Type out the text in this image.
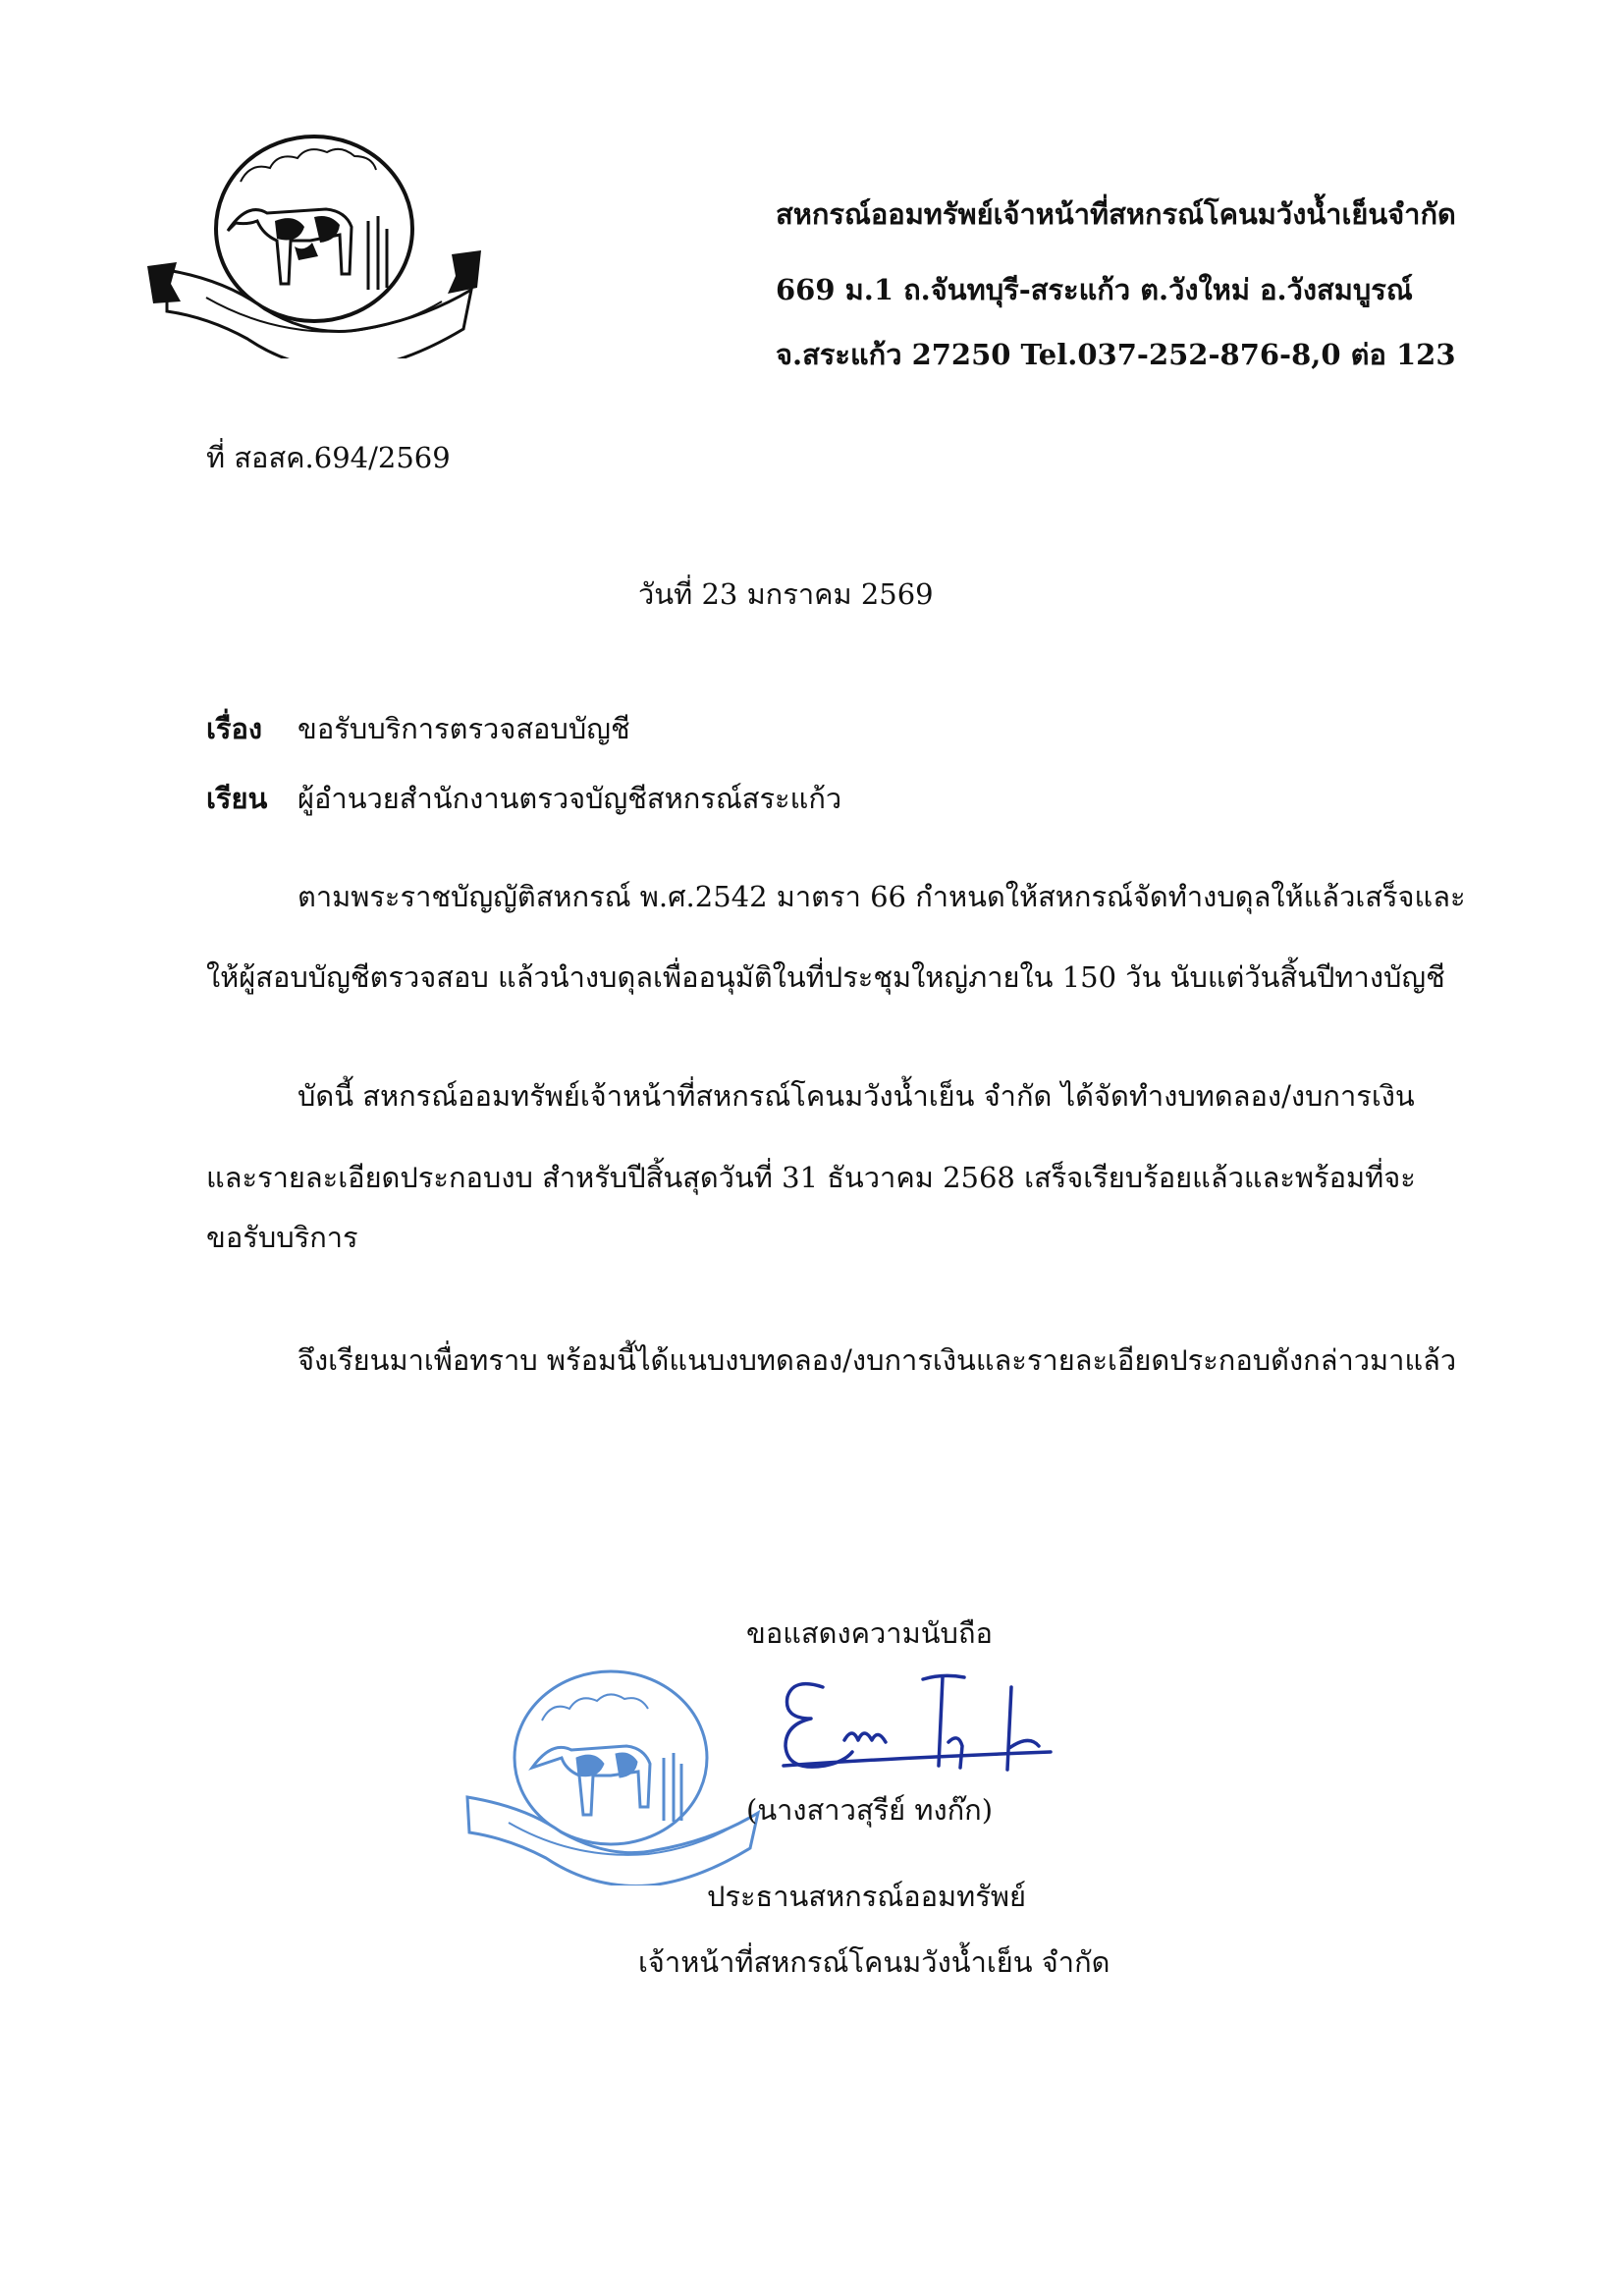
สหกรณ์ออมทรัพย์เจ้าหน้าที่สหกรณ์โคนมวังน้ำเย็นจำกัด
669 ม.1 ถ.จันทบุรี-สระแก้ว ต.วังใหม่ อ.วังสมบูรณ์
จ.สระแก้ว 27250 Tel.037-252-876-8,0 ต่อ 123
ที่ สอสค.694/2569
วันที่ 23 มกราคม 2569
เรื่อง ขอรับบริการตรวจสอบบัญชี
เรียน ผู้อำนวยสำนักงานตรวจบัญชีสหกรณ์สระแก้ว
ตามพระราชบัญญัติสหกรณ์ พ.ศ.2542 มาตรา 66 กำหนดให้สหกรณ์จัดทำงบดุลให้แล้วเสร็จและ
ให้ผู้สอบบัญชีตรวจสอบ แล้วนำงบดุลเพื่ออนุมัติในที่ประชุมใหญ่ภายใน 150 วัน นับแต่วันสิ้นปีทางบัญชี
บัดนี้ สหกรณ์ออมทรัพย์เจ้าหน้าที่สหกรณ์โคนมวังน้ำเย็น จำกัด ได้จัดทำงบทดลอง/งบการเงิน
และรายละเอียดประกอบงบ สำหรับปีสิ้นสุดวันที่ 31 ธันวาคม 2568 เสร็จเรียบร้อยแล้วและพร้อมที่จะ
ขอรับบริการ
จึงเรียนมาเพื่อทราบ พร้อมนี้ได้แนบงบทดลอง/งบการเงินและรายละเอียดประกอบดังกล่าวมาแล้ว
ขอแสดงความนับถือ
(นางสาวสุรีย์ ทงก๊ก)
ประธานสหกรณ์ออมทรัพย์
เจ้าหน้าที่สหกรณ์โคนมวังน้ำเย็น จำกัด
